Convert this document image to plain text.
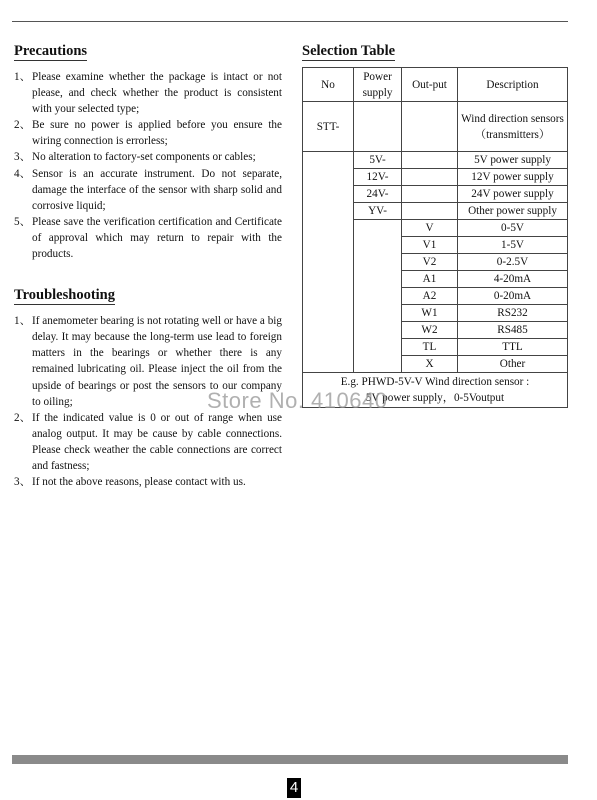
Precautions
1、 Please examine whether the package is intact or not please, and check whether the product is consistent with your selected type;
2、 Be sure no power is applied before you ensure the wiring connection is errorless;
3、 No alteration to factory-set components or cables;
4、 Sensor is an accurate instrument. Do not separate, damage the interface of the sensor with sharp solid and corrosive liquid;
5、 Please save the verification certification and Certificate of approval which may return to repair with the products.
Troubleshooting
1、 If anemometer bearing is not rotating well or have a big delay. It may because the long-term use lead to foreign matters in the bearings or whether there is any remained lubricating oil. Please inject the oil from the upside of bearings or post the sensors to our company to oiling;
2、 If the indicated value is 0 or out of range when use analog output. It may be cause by cable connections. Please check weather the cable connections are correct and fastness;
3、 If not the above reasons, please contact with us.
Selection Table
No	Power supply	Out-put	Description
STT-			Wind direction sensors （transmitters）
	5V-		5V power supply
	12V-		12V power supply
	24V-		24V power supply
	YV-		Other power supply
		V	0-5V
		V1	1-5V
		V2	0-2.5V
		A1	4-20mA
		A2	0-20mA
		W1	RS232
		W2	RS485
		TL	TTL
		X	Other

E.g. PHWD-5V-V Wind direction sensor :
5V power supply，0-5Voutput			
Store No. 410640
4
